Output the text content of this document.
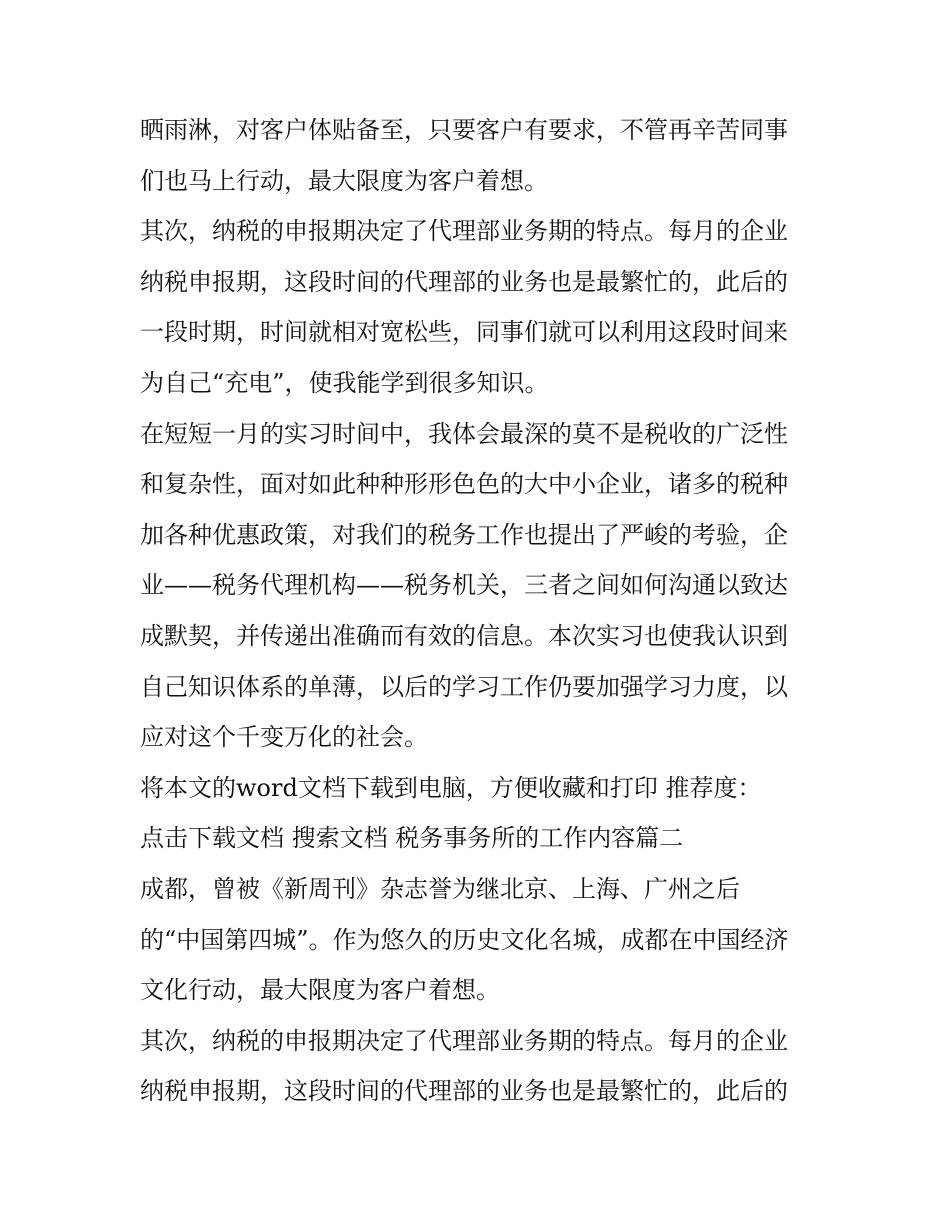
晒雨淋，对客户体贴备至，只要客户有要求，不管再辛苦同事
们也马上行动，最大限度为客户着想。
其次，纳税的申报期决定了代理部业务期的特点。每月的企业
纳税申报期，这段时间的代理部的业务也是最繁忙的，此后的
一段时期，时间就相对宽松些，同事们就可以利用这段时间来
为自己“充电”，使我能学到很多知识。
在短短一月的实习时间中，我体会最深的莫不是税收的广泛性
和复杂性，面对如此种种形形色色的大中小企业，诸多的税种
加各种优惠政策，对我们的税务工作也提出了严峻的考验，企
业——税务代理机构——税务机关，三者之间如何沟通以致达
成默契，并传递出准确而有效的信息。本次实习也使我认识到
自己知识体系的单薄，以后的学习工作仍要加强学习力度，以
应对这个千变万化的社会。
将本文的word文档下载到电脑，方便收藏和打印 推荐度：
点击下载文档 搜索文档 税务事务所的工作内容篇二
成都，曾被《新周刊》杂志誉为继北京、上海、广州之后
的“中国第四城”。作为悠久的历史文化名城，成都在中国经济
文化行动，最大限度为客户着想。
其次，纳税的申报期决定了代理部业务期的特点。每月的企业
纳税申报期，这段时间的代理部的业务也是最繁忙的，此后的
